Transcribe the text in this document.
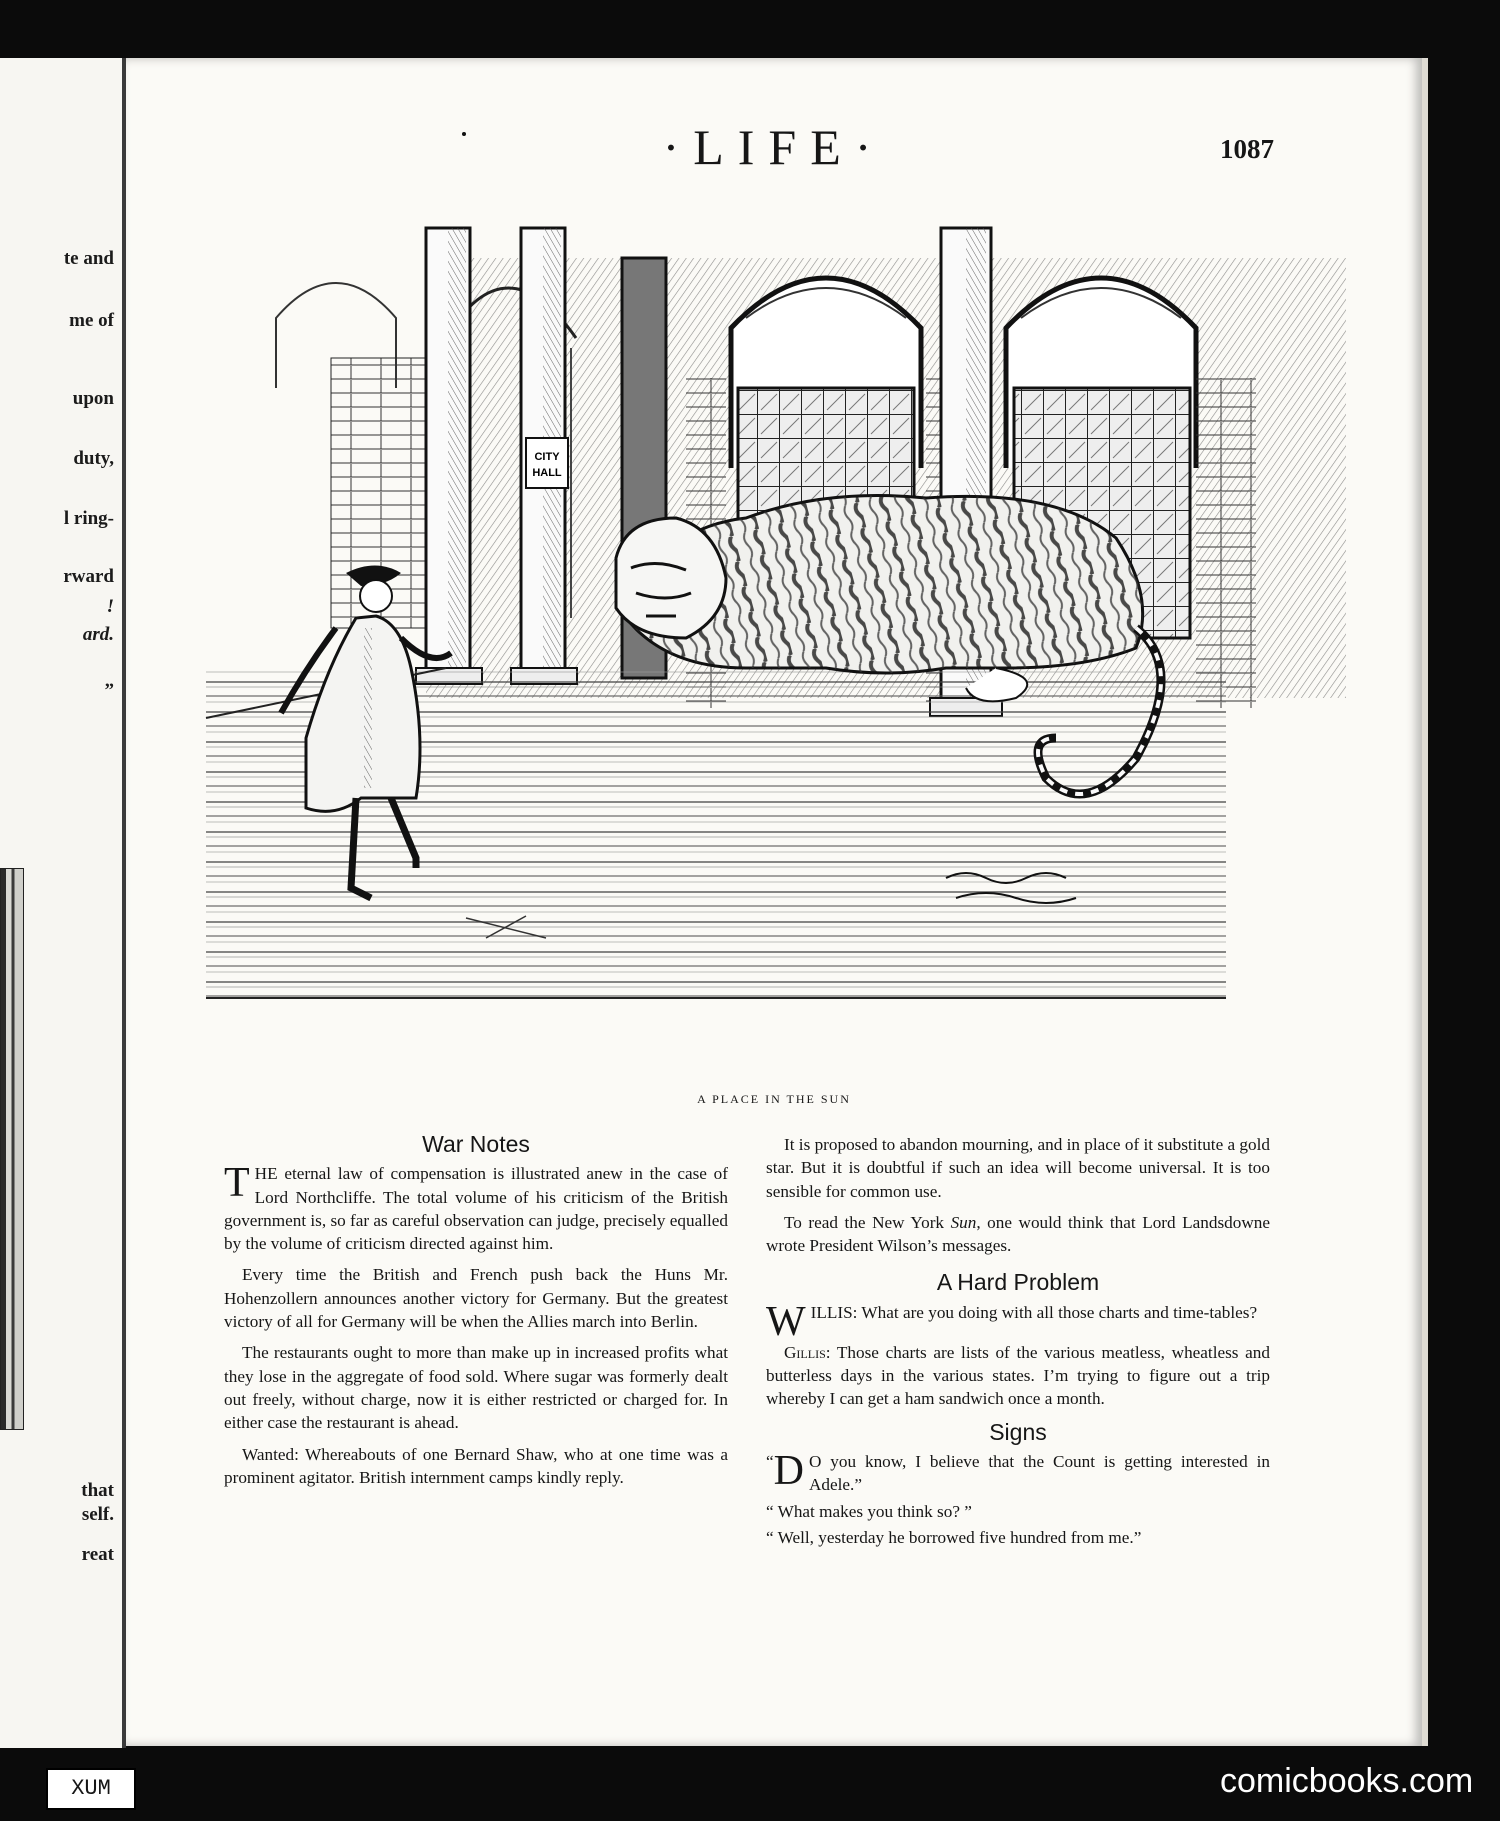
te and
me of
upon
duty,
l ring-
rward
!
ard.
”
that
self.
reat
·LIFE·	1087
CITY
HALL
A PLACE IN THE SUN
War Notes

THE eternal law of compensation is illustrated anew in the case of Lord Northcliffe. The total volume of his criticism of the British government is, so far as careful observation can judge, precisely equalled by the volume of criticism directed against him.

Every time the British and French push back the Huns Mr. Hohenzollern announces another victory for Germany. But the greatest victory of all for Germany will be when the Allies march into Berlin.

The restaurants ought to more than make up in increased profits what they lose in the aggregate of food sold. Where sugar was formerly dealt out freely, without charge, now it is either restricted or charged for. In either case the restaurant is ahead.

Wanted: Whereabouts of one Bernard Shaw, who at one time was a prominent agitator. British internment camps kindly reply.

It is proposed to abandon mourning, and in place of it substitute a gold star. But it is doubtful if such an idea will become universal. It is too sensible for common use.

To read the New York Sun, one would think that Lord Landsdowne wrote President Wilson’s messages.

A Hard Problem

WILLIS: What are you doing with all those charts and time-tables?

Gillis: Those charts are lists of the various meatless, wheatless and butterless days in the various states. I’m trying to figure out a trip whereby I can get a ham sandwich once a month.

Signs

“ D O you know, I believe that the Count is getting interested in Adele.”

“ What makes you think so? ”

“ Well, yesterday he borrowed five hundred from me.”

XUM	comicbooks.com
